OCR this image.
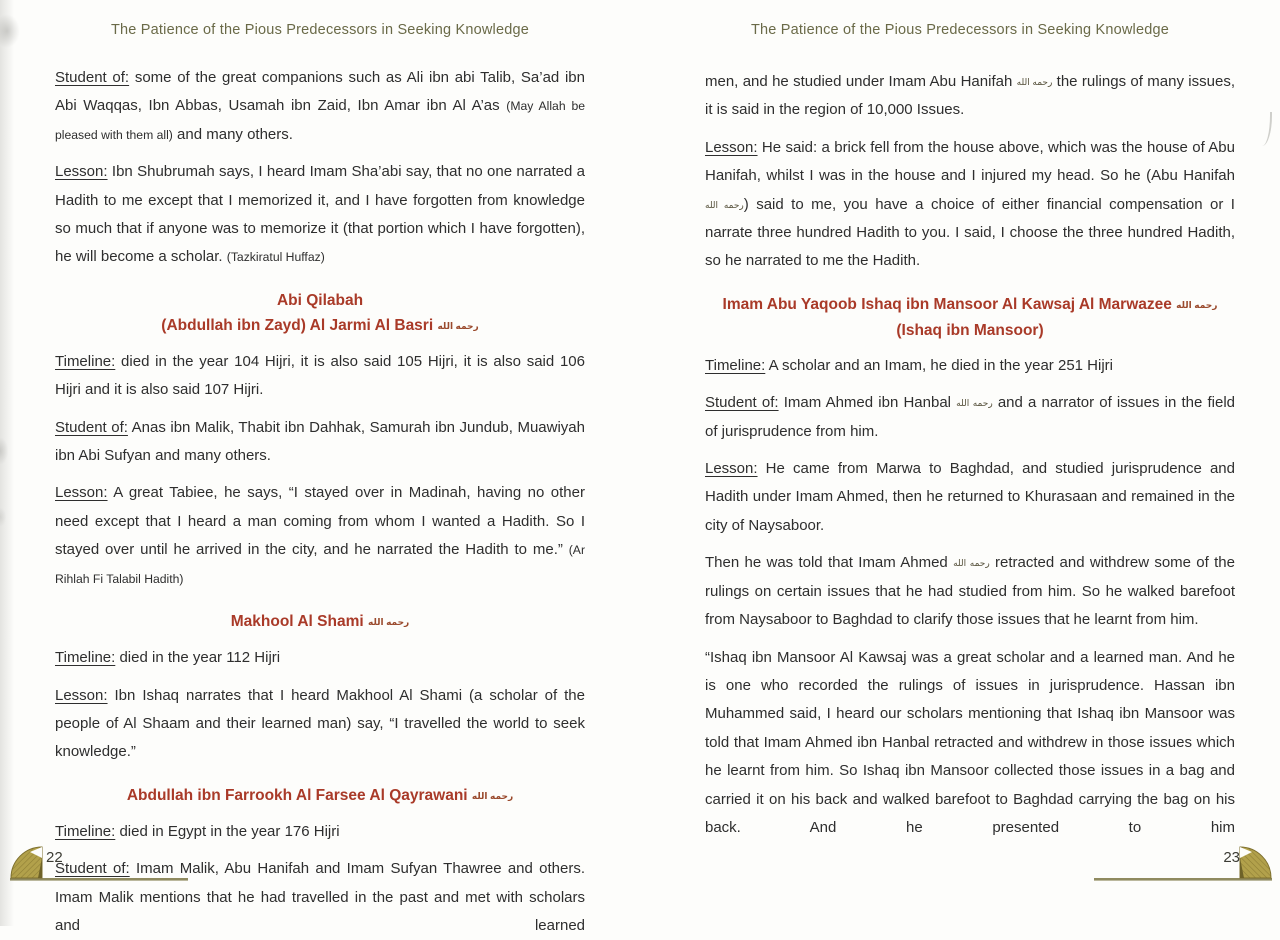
The Patience of the Pious Predecessors in Seeking Knowledge

Student of: some of the great companions such as Ali ibn abi Talib, Sa’ad ibn Abi Waqqas, Ibn Abbas, Usamah ibn Zaid, Ibn Amar ibn Al A’as (May Allah be pleased with them all) and many others.

Lesson: Ibn Shubrumah says, I heard Imam Sha’abi say, that no one narrated a Hadith to me except that I memorized it, and I have forgotten from knowledge so much that if anyone was to memorize it (that portion which I have forgotten), he will become a scholar. (Tazkiratul Huffaz)

Abi Qilabah
(Abdullah ibn Zayd) Al Jarmi Al Basri رحمه الله

Timeline: died in the year 104 Hijri, it is also said 105 Hijri, it is also said 106 Hijri and it is also said 107 Hijri.

Student of: Anas ibn Malik, Thabit ibn Dahhak, Samurah ibn Jundub, Muawiyah ibn Abi Sufyan and many others.

Lesson: A great Tabiee, he says, “I stayed over in Madinah, having no other need except that I heard a man coming from whom I wanted a Hadith. So I stayed over until he arrived in the city, and he narrated the Hadith to me.” (Ar Rihlah Fi Talabil Hadith)

Makhool Al Shami رحمه الله

Timeline: died in the year 112 Hijri

Lesson: Ibn Ishaq narrates that I heard Makhool Al Shami (a scholar of the people of Al Shaam and their learned man) say, “I travelled the world to seek knowledge.”

Abdullah ibn Farrookh Al Farsee Al Qayrawani رحمه الله

Timeline: died in Egypt in the year 176 Hijri

Student of: Imam Malik, Abu Hanifah and Imam Sufyan Thawree and others. Imam Malik mentions that he had travelled in the past and met with scholars and learned

22
The Patience of the Pious Predecessors in Seeking Knowledge

men, and he studied under Imam Abu Hanifah رحمه الله the rulings of many issues, it is said in the region of 10,000 Issues.

Lesson: He said: a brick fell from the house above, which was the house of Abu Hanifah, whilst I was in the house and I injured my head. So he (Abu Hanifah رحمه الله) said to me, you have a choice of either financial compensation or I narrate three hundred Hadith to you. I said, I choose the three hundred Hadith, so he narrated to me the Hadith.

Imam Abu Yaqoob Ishaq ibn Mansoor Al Kawsaj Al Marwazee رحمه الله
(Ishaq ibn Mansoor)

Timeline: A scholar and an Imam, he died in the year 251 Hijri

Student of: Imam Ahmed ibn Hanbal رحمه الله and a narrator of issues in the field of jurisprudence from him.

Lesson: He came from Marwa to Baghdad, and studied jurisprudence and Hadith under Imam Ahmed, then he returned to Khurasaan and remained in the city of Naysaboor.

Then he was told that Imam Ahmed رحمه الله retracted and withdrew some of the rulings on certain issues that he had studied from him. So he walked barefoot from Naysaboor to Baghdad to clarify those issues that he learnt from him.

“Ishaq ibn Mansoor Al Kawsaj was a great scholar and a learned man. And he is one who recorded the rulings of issues in jurisprudence. Hassan ibn Muhammed said, I heard our scholars mentioning that Ishaq ibn Mansoor was told that Imam Ahmed ibn Hanbal retracted and withdrew in those issues which he learnt from him. So Ishaq ibn Mansoor collected those issues in a bag and carried it on his back and walked barefoot to Baghdad carrying the bag on his back. And he presented to him

23
